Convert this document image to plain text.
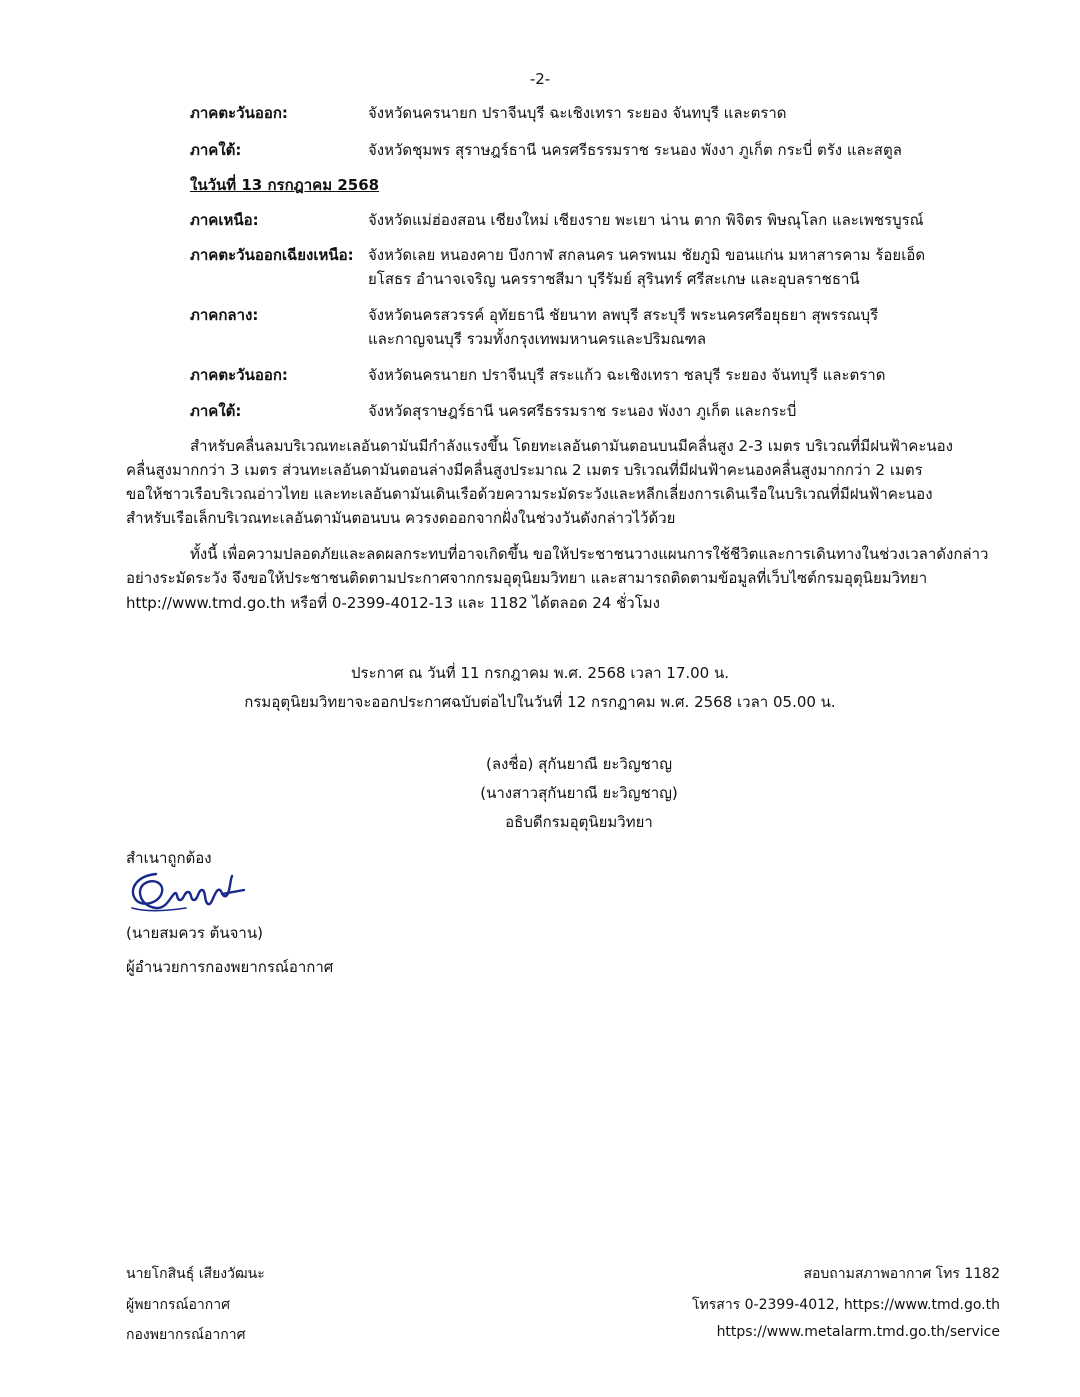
-2-
ภาคตะวันออก:	จังหวัดนครนายก ปราจีนบุรี ฉะเชิงเทรา ระยอง จันทบุรี และตราด
ภาคใต้:	จังหวัดชุมพร สุราษฎร์ธานี นครศรีธรรมราช ระนอง พังงา ภูเก็ต กระบี่ ตรัง และสตูล
ในวันที่ 13 กรกฎาคม 2568
ภาคเหนือ:	จังหวัดแม่ฮ่องสอน เชียงใหม่ เชียงราย พะเยา น่าน ตาก พิจิตร พิษณุโลก และเพชรบูรณ์
ภาคตะวันออกเฉียงเหนือ: จังหวัดเลย หนองคาย บึงกาฬ สกลนคร นครพนม ชัยภูมิ ขอนแก่น มหาสารคาม ร้อยเอ็ด
ยโสธร อำนาจเจริญ นครราชสีมา บุรีรัมย์ สุรินทร์ ศรีสะเกษ และอุบลราชธานี
ภาคกลาง:	จังหวัดนครสวรรค์ อุทัยธานี ชัยนาท ลพบุรี สระบุรี พระนครศรีอยุธยา สุพรรณบุรี
และกาญจนบุรี รวมทั้งกรุงเทพมหานครและปริมณฑล
ภาคตะวันออก:	จังหวัดนครนายก ปราจีนบุรี สระแก้ว ฉะเชิงเทรา ชลบุรี ระยอง จันทบุรี และตราด
ภาคใต้:	จังหวัดสุราษฎร์ธานี นครศรีธรรมราช ระนอง พังงา ภูเก็ต และกระบี่
สำหรับคลื่นลมบริเวณทะเลอันดามันมีกำลังแรงขึ้น โดยทะเลอันดามันตอนบนมีคลื่นสูง 2-3 เมตร บริเวณที่มีฝนฟ้าคะนอง
คลื่นสูงมากกว่า 3 เมตร ส่วนทะเลอันดามันตอนล่างมีคลื่นสูงประมาณ 2 เมตร บริเวณที่มีฝนฟ้าคะนองคลื่นสูงมากกว่า 2 เมตร
ขอให้ชาวเรือบริเวณอ่าวไทย และทะเลอันดามันเดินเรือด้วยความระมัดระวังและหลีกเลี่ยงการเดินเรือในบริเวณที่มีฝนฟ้าคะนอง
สำหรับเรือเล็กบริเวณทะเลอันดามันตอนบน ควรงดออกจากฝั่งในช่วงวันดังกล่าวไว้ด้วย
ทั้งนี้ เพื่อความปลอดภัยและลดผลกระทบที่อาจเกิดขึ้น ขอให้ประชาชนวางแผนการใช้ชีวิตและการเดินทางในช่วงเวลาดังกล่าว
อย่างระมัดระวัง จึงขอให้ประชาชนติดตามประกาศจากกรมอุตุนิยมวิทยา และสามารถติดตามข้อมูลที่เว็บไซต์กรมอุตุนิยมวิทยา
http://www.tmd.go.th หรือที่ 0-2399-4012-13 และ 1182 ได้ตลอด 24 ชั่วโมง
ประกาศ ณ วันที่ 11 กรกฎาคม พ.ศ. 2568 เวลา 17.00 น.
กรมอุตุนิยมวิทยาจะออกประกาศฉบับต่อไปในวันที่ 12 กรกฎาคม พ.ศ. 2568 เวลา 05.00 น.
(ลงชื่อ) สุกันยาณี ยะวิญชาญ
(นางสาวสุกันยาณี ยะวิญชาญ)
อธิบดีกรมอุตุนิยมวิทยา
สำเนาถูกต้อง
(นายสมควร ต้นจาน)
ผู้อำนวยการกองพยากรณ์อากาศ
นายโกสินธุ์ เสียงวัฒนะ
ผู้พยากรณ์อากาศ
กองพยากรณ์อากาศ
สอบถามสภาพอากาศ โทร 1182
โทรสาร 0-2399-4012, https://www.tmd.go.th
https://www.metalarm.tmd.go.th/service
